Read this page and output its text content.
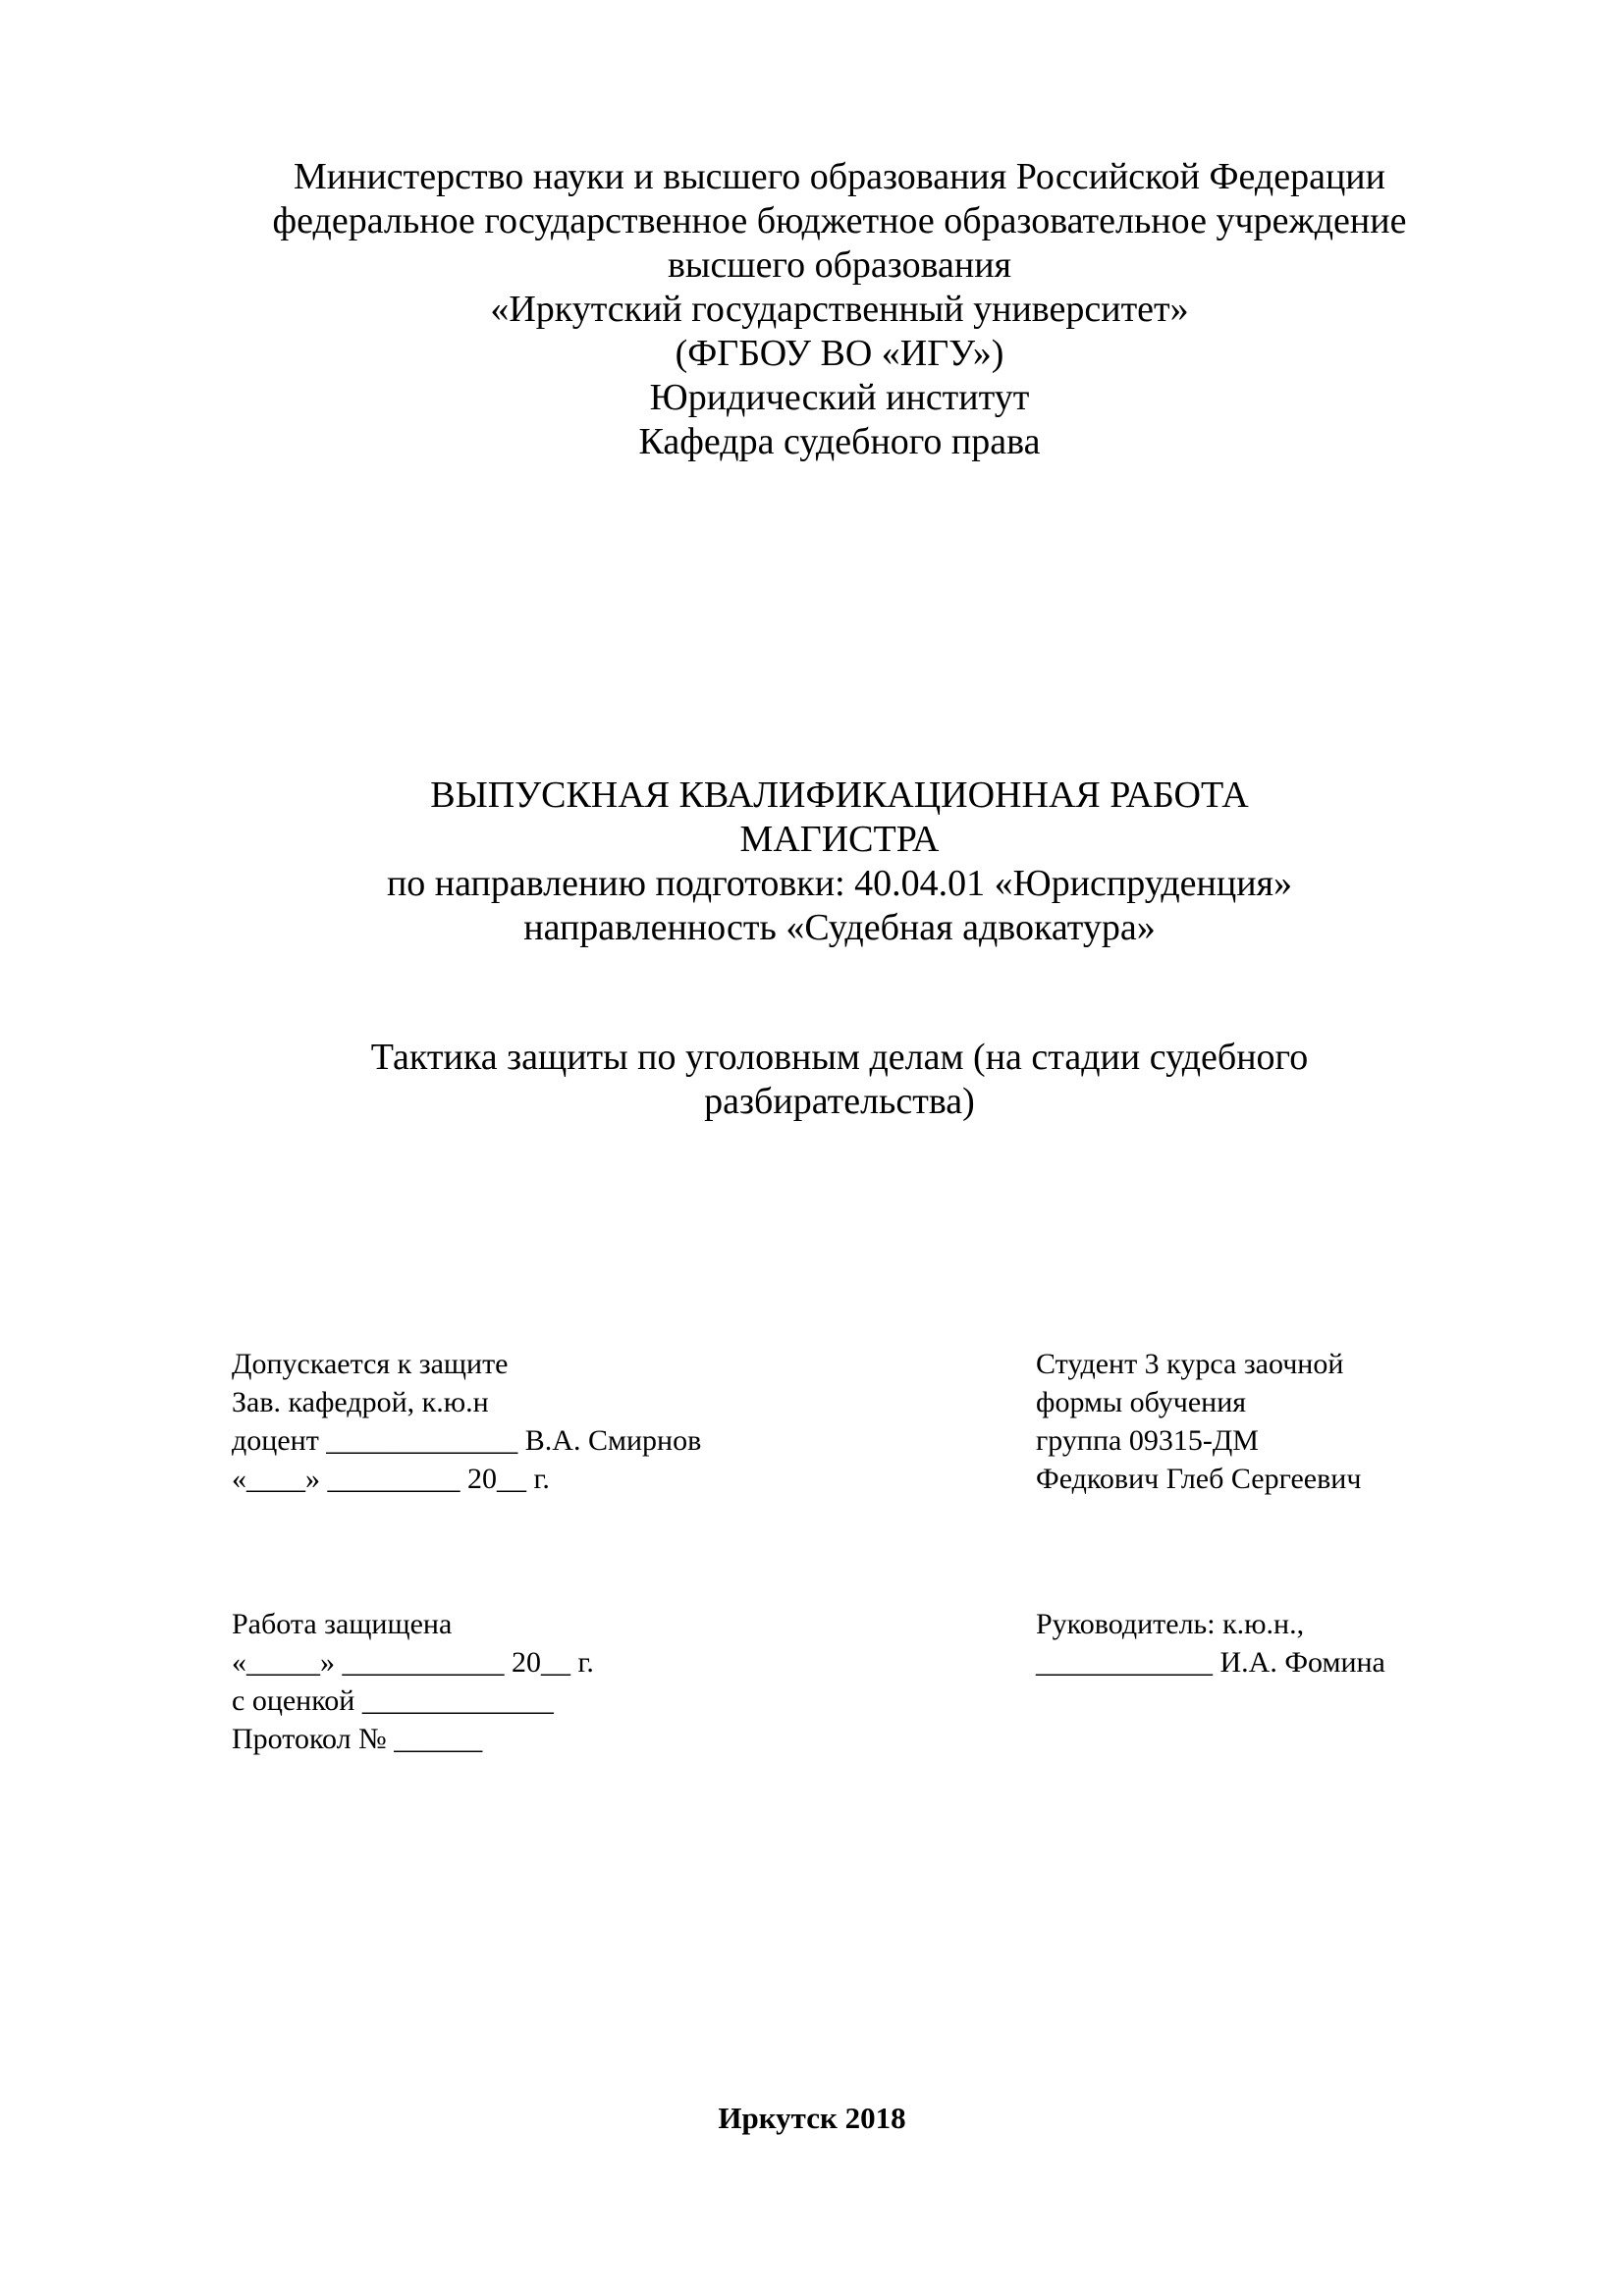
Министерство науки и высшего образования Российской Федерации
федеральное государственное бюджетное образовательное учреждение
высшего образования
«Иркутский государственный университет»
(ФГБОУ ВО «ИГУ»)
Юридический институт
Кафедра судебного права
ВЫПУСКНАЯ КВАЛИФИКАЦИОННАЯ РАБОТА
МАГИСТРА
по направлению подготовки: 40.04.01 «Юриспруденция»
направленность «Судебная адвокатура»
Тактика защиты по уголовным делам (на стадии судебного
разбирательства)
Допускается к защите
Зав. кафедрой, к.ю.н
доцент _____________ В.А. Смирнов
«____» _________ 20__ г.
Студент 3 курса заочной
формы обучения
группа 09315-ДМ
Федкович Глеб Сергеевич
Работа защищена
«_____» ___________ 20__ г.
с оценкой _____________
Протокол № ______
Руководитель: к.ю.н.,
____________ И.А. Фомина
Иркутск 2018
